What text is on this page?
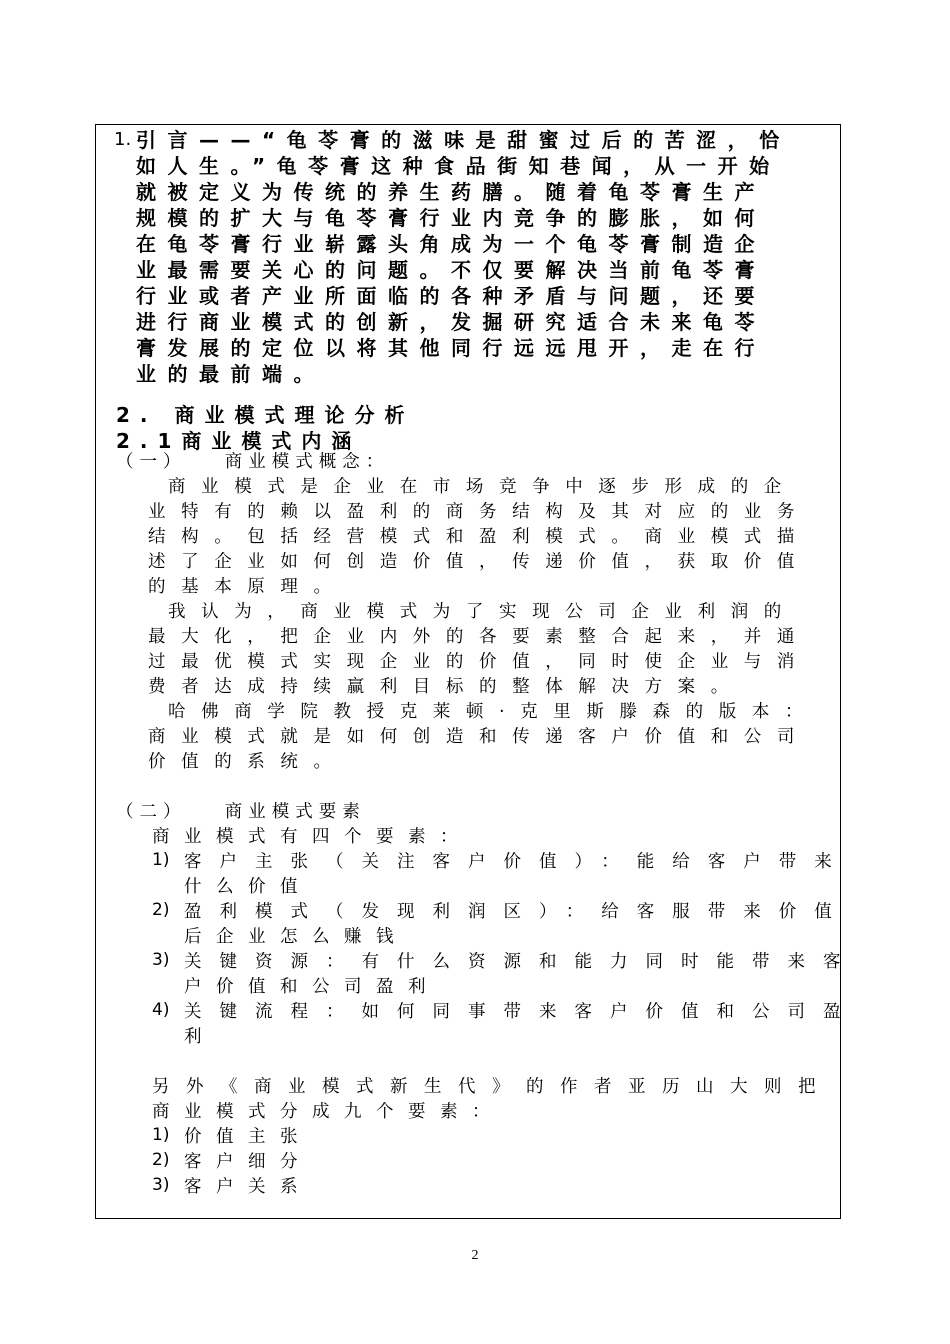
1. 引言——“龟苓膏的滋味是甜蜜过后的苦涩，恰如人生。”龟苓膏这种食品街知巷闻，从一开始就被定义为传统的养生药膳。随着龟苓膏生产规模的扩大与龟苓膏行业内竞争的膨胀，如何在龟苓膏行业崭露头角成为一个龟苓膏制造企业最需要关心的问题。不仅要解决当前龟苓膏行业或者产业所面临的各种矛盾与问题，还要进行商业模式的创新，发掘研究适合未来龟苓膏发展的定位以将其他同行远远甩开，走在行业的最前端。
2. 商业模式理论分析
2.1商业模式内涵
（一）　　商业模式概念：
商业模式是企业在市场竞争中逐步形成的企业特有的赖以盈利的商务结构及其对应的业务结构。包括经营模式和盈利模式。商业模式描述了企业如何创造价值，传递价值，获取价值的基本原理。
我认为，商业模式为了实现公司企业利润的最大化，把企业内外的各要素整合起来，并通过最优模式实现企业的价值，同时使企业与消费者达成持续赢利目标的整体解决方案。
哈佛商学院教授克莱顿·克里斯滕森的版本：商业模式就是如何创造和传递客户价值和公司价值的系统。
（二）　　商业模式要素
商业模式有四个要素：
1) 客户主张（关注客户价值）：能给客户带来
什么价值
2) 盈利模式（发现利润区）：给客服带来价值
后企业怎么赚钱
3) 关键资源：有什么资源和能力同时能带来客
户价值和公司盈利
4) 关键流程：如何同事带来客户价值和公司盈
利
另外《商业模式新生代》的作者亚历山大则把
商业模式分成九个要素：
1) 价值主张
2) 客户细分
3) 客户关系
2
